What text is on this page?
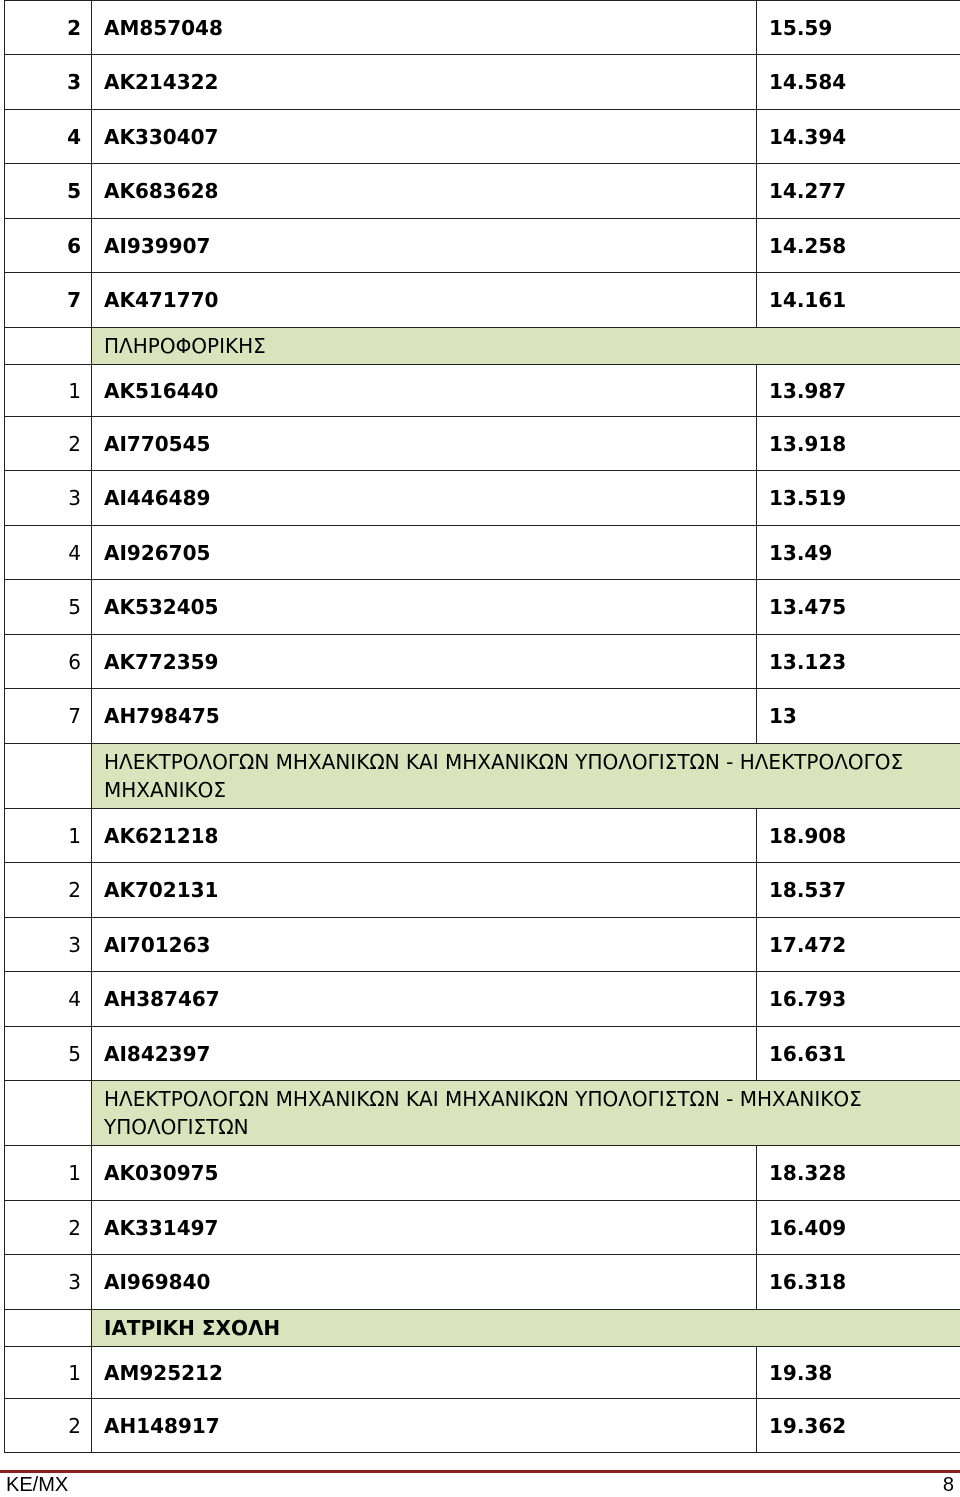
2	AM857048	15.59
3	AK214322	14.584
4	AK330407	14.394
5	AK683628	14.277
6	AI939907	14.258
7	AK471770	14.161
	ΠΛΗΡΟΦΟΡΙΚΗΣ	
1	AK516440	13.987
2	AI770545	13.918
3	AI446489	13.519
4	AI926705	13.49
5	AK532405	13.475
6	AK772359	13.123
7	AH798475	13
	ΗΛΕΚΤΡΟΛΟΓΩΝ ΜΗΧΑΝΙΚΩΝ ΚΑΙ ΜΗΧΑΝΙΚΩΝ ΥΠΟΛΟΓΙΣΤΩΝ - ΗΛΕΚΤΡΟΛΟΓΟΣ ΜΗΧΑΝΙΚΟΣ	
1	AK621218	18.908
2	AK702131	18.537
3	AI701263	17.472
4	AH387467	16.793
5	AI842397	16.631
	ΗΛΕΚΤΡΟΛΟΓΩΝ ΜΗΧΑΝΙΚΩΝ ΚΑΙ ΜΗΧΑΝΙΚΩΝ ΥΠΟΛΟΓΙΣΤΩΝ - ΜΗΧΑΝΙΚΟΣ ΥΠΟΛΟΓΙΣΤΩΝ	
1	AK030975	18.328
2	AK331497	16.409
3	AI969840	16.318
	ΙΑΤΡΙΚΗ ΣΧΟΛΗ	
1	AM925212	19.38
2	AH148917	19.362
ΚΕ/ΜΧ	8
